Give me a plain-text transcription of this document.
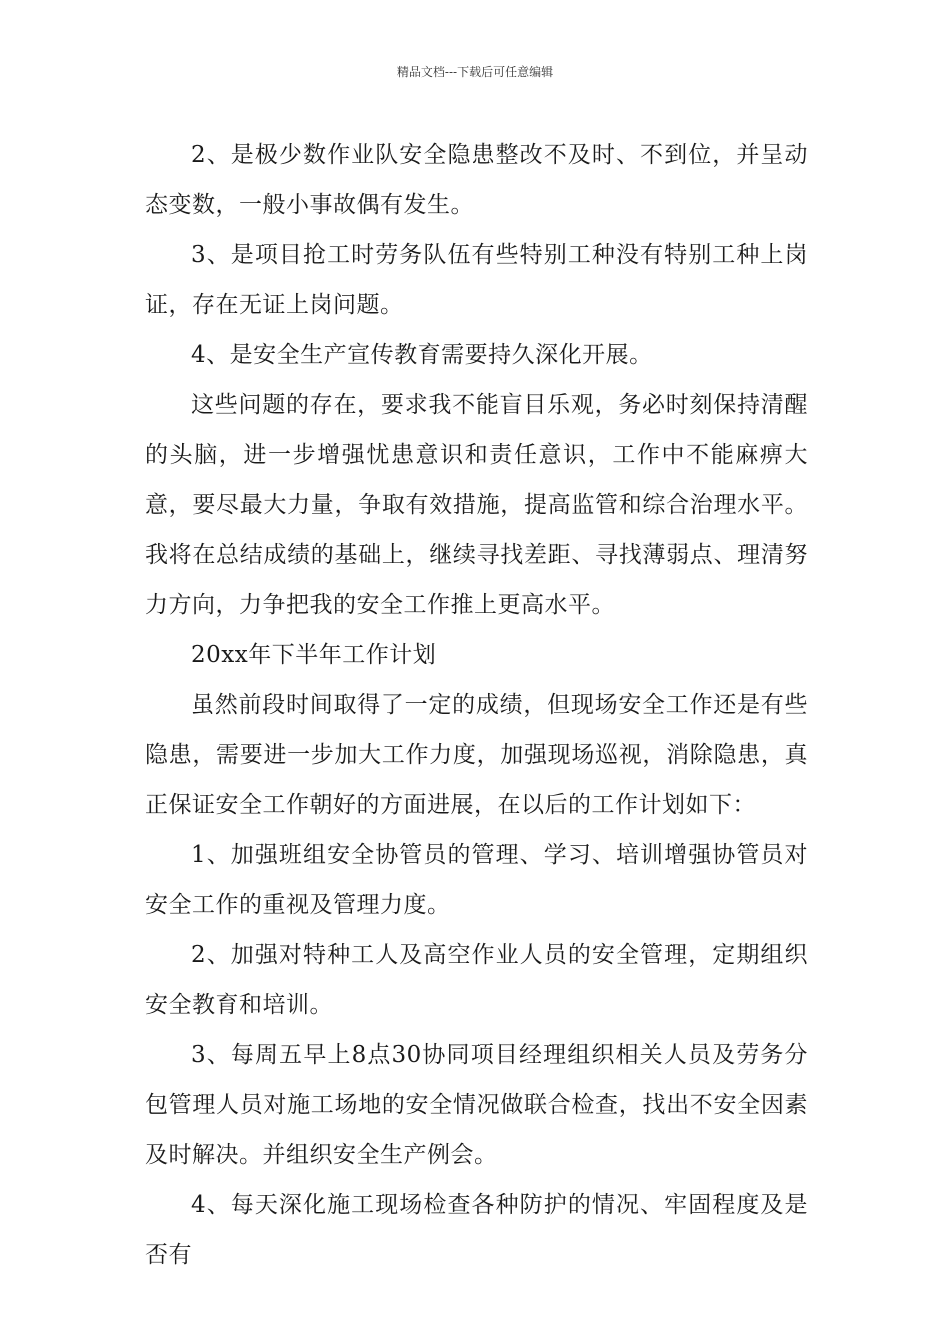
精品文档---下载后可任意编辑

2、是极少数作业队安全隐患整改不及时、不到位，并呈动态变数，一般小事故偶有发生。

3、是项目抢工时劳务队伍有些特别工种没有特别工种上岗证，存在无证上岗问题。

4、是安全生产宣传教育需要持久深化开展。

这些问题的存在，要求我不能盲目乐观，务必时刻保持清醒的头脑，进一步增强忧患意识和责任意识，工作中不能麻痹大意，要尽最大力量，争取有效措施，提高监管和综合治理水平。我将在总结成绩的基础上，继续寻找差距、寻找薄弱点、理清努力方向，力争把我的安全工作推上更高水平。

20xx年下半年工作计划

虽然前段时间取得了一定的成绩，但现场安全工作还是有些隐患，需要进一步加大工作力度，加强现场巡视，消除隐患，真正保证安全工作朝好的方面进展，在以后的工作计划如下：

1、加强班组安全协管员的管理、学习、培训增强协管员对安全工作的重视及管理力度。

2、加强对特种工人及高空作业人员的安全管理，定期组织安全教育和培训。

3、每周五早上8点30协同项目经理组织相关人员及劳务分包管理人员对施工场地的安全情况做联合检查，找出不安全因素及时解决。并组织安全生产例会。

4、每天深化施工现场检查各种防护的情况、牢固程度及是否有
